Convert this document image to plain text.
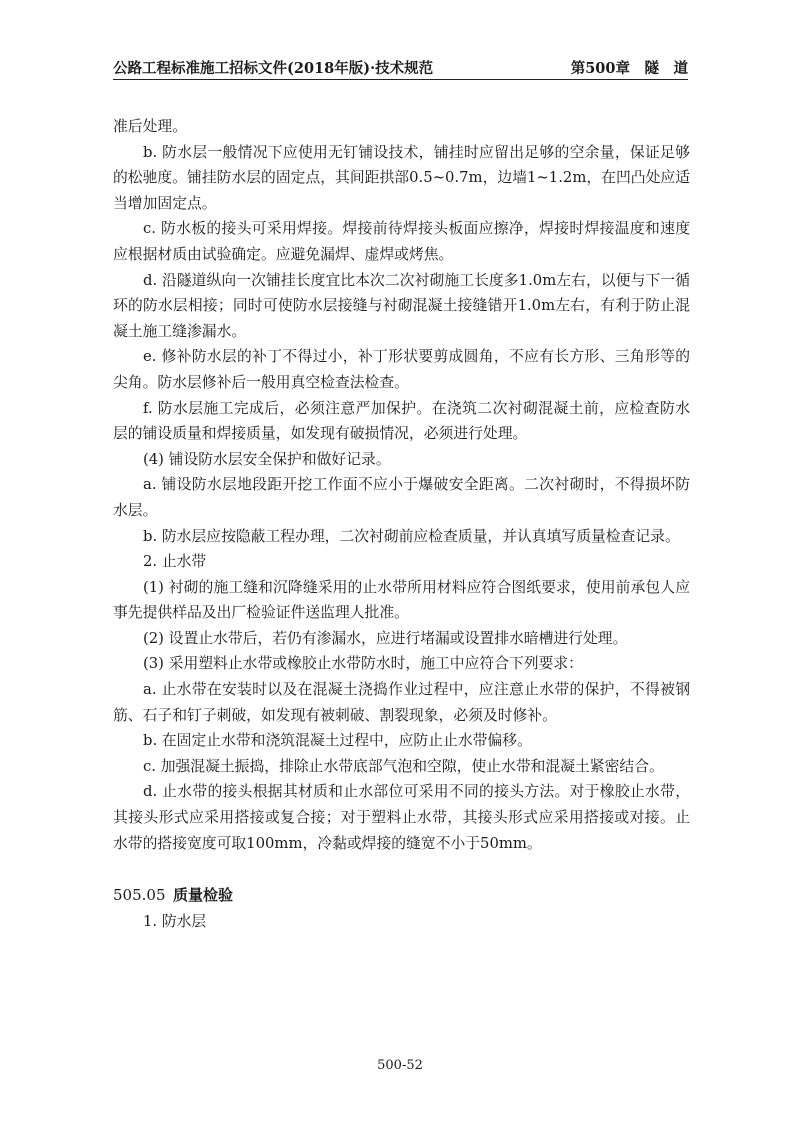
公路工程标准施工招标文件(2018年版)·技术规范	第500章　隧　道

准后处理。

b. 防水层一般情况下应使用无钉铺设技术，铺挂时应留出足够的空余量，保证足够的松驰度。铺挂防水层的固定点，其间距拱部0.5~0.7m，边墙1~1.2m，在凹凸处应适当增加固定点。

c. 防水板的接头可采用焊接。焊接前待焊接头板面应擦净，焊接时焊接温度和速度应根据材质由试验确定。应避免漏焊、虚焊或烤焦。

d. 沿隧道纵向一次铺挂长度宜比本次二次衬砌施工长度多1.0m左右，以便与下一循环的防水层相接；同时可使防水层接缝与衬砌混凝土接缝错开1.0m左右，有利于防止混凝土施工缝渗漏水。

e. 修补防水层的补丁不得过小，补丁形状要剪成圆角，不应有长方形、三角形等的尖角。防水层修补后一般用真空检查法检查。

f. 防水层施工完成后，必须注意严加保护。在浇筑二次衬砌混凝土前，应检查防水层的铺设质量和焊接质量，如发现有破损情况，必须进行处理。

(4) 铺设防水层安全保护和做好记录。

a. 铺设防水层地段距开挖工作面不应小于爆破安全距离。二次衬砌时，不得损坏防水层。

b. 防水层应按隐蔽工程办理，二次衬砌前应检查质量，并认真填写质量检查记录。

2. 止水带

(1) 衬砌的施工缝和沉降缝采用的止水带所用材料应符合图纸要求，使用前承包人应事先提供样品及出厂检验证件送监理人批准。

(2) 设置止水带后，若仍有渗漏水，应进行堵漏或设置排水暗槽进行处理。

(3) 采用塑料止水带或橡胶止水带防水时，施工中应符合下列要求：

a. 止水带在安装时以及在混凝土浇捣作业过程中，应注意止水带的保护，不得被钢筋、石子和钉子刺破，如发现有被刺破、割裂现象，必须及时修补。

b. 在固定止水带和浇筑混凝土过程中，应防止止水带偏移。

c. 加强混凝土振捣，排除止水带底部气泡和空隙，使止水带和混凝土紧密结合。

d. 止水带的接头根据其材质和止水部位可采用不同的接头方法。对于橡胶止水带，其接头形式应采用搭接或复合接；对于塑料止水带，其接头形式应采用搭接或对接。止水带的搭接宽度可取100mm，冷黏或焊接的缝宽不小于50mm。

505.05 质量检验

1. 防水层

500-52
